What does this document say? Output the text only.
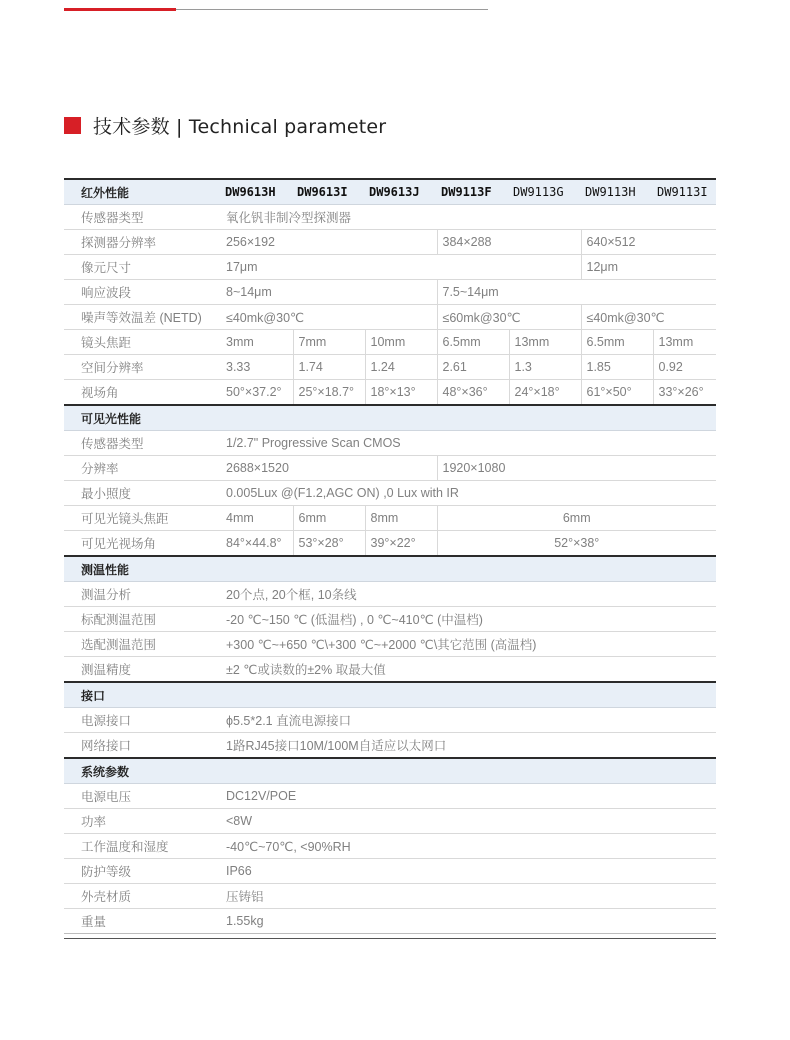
技术参数 | Technical parameter
红外性能	DW9613H	DW9613I	DW9613J	DW9113F	DW9113G	DW9113H	DW9113I
传感器类型	氧化钒非制冷型探测器						
探测器分辨率	256×192			384×288		640×512	
像元尺寸	17μm					12μm	
响应波段	8~14μm			7.5~14μm			
噪声等效温差 (NETD)	≤40mk@30℃			≤60mk@30℃		≤40mk@30℃	
镜头焦距	3mm	7mm	10mm	6.5mm	13mm	6.5mm	13mm
空间分辨率	3.33	1.74	1.24	2.61	1.3	1.85	0.92
视场角	50°×37.2°	25°×18.7°	18°×13°	48°×36°	24°×18°	61°×50°	33°×26°
可见光性能							
传感器类型	1/2.7" Progressive Scan CMOS						
分辨率	2688×1520			1920×1080			
最小照度	0.005Lux @(F1.2,AGC ON) ,0 Lux with IR						
可见光镜头焦距	4mm	6mm	8mm	6mm			
可见光视场角	84°×44.8°	53°×28°	39°×22°	52°×38°			
测温性能							
测温分析	20个点, 20个框, 10条线						
标配测温范围	-20 ℃~150 ℃ (低温档) , 0 ℃~410℃ (中温档)						
选配测温范围	+300 ℃~+650 ℃\+300 ℃~+2000 ℃\其它范围 (高温档)						
测温精度	±2 ℃或读数的±2% 取最大值						
接口							
电源接口	ϕ5.5*2.1 直流电源接口						
网络接口	1路RJ45接口10M/100M自适应以太网口						
系统参数							
电源电压	DC12V/POE						
功率	<8W						
工作温度和湿度	-40℃~70℃, <90%RH						
防护等级	IP66						
外壳材质	压铸铝						
重量	1.55kg						
